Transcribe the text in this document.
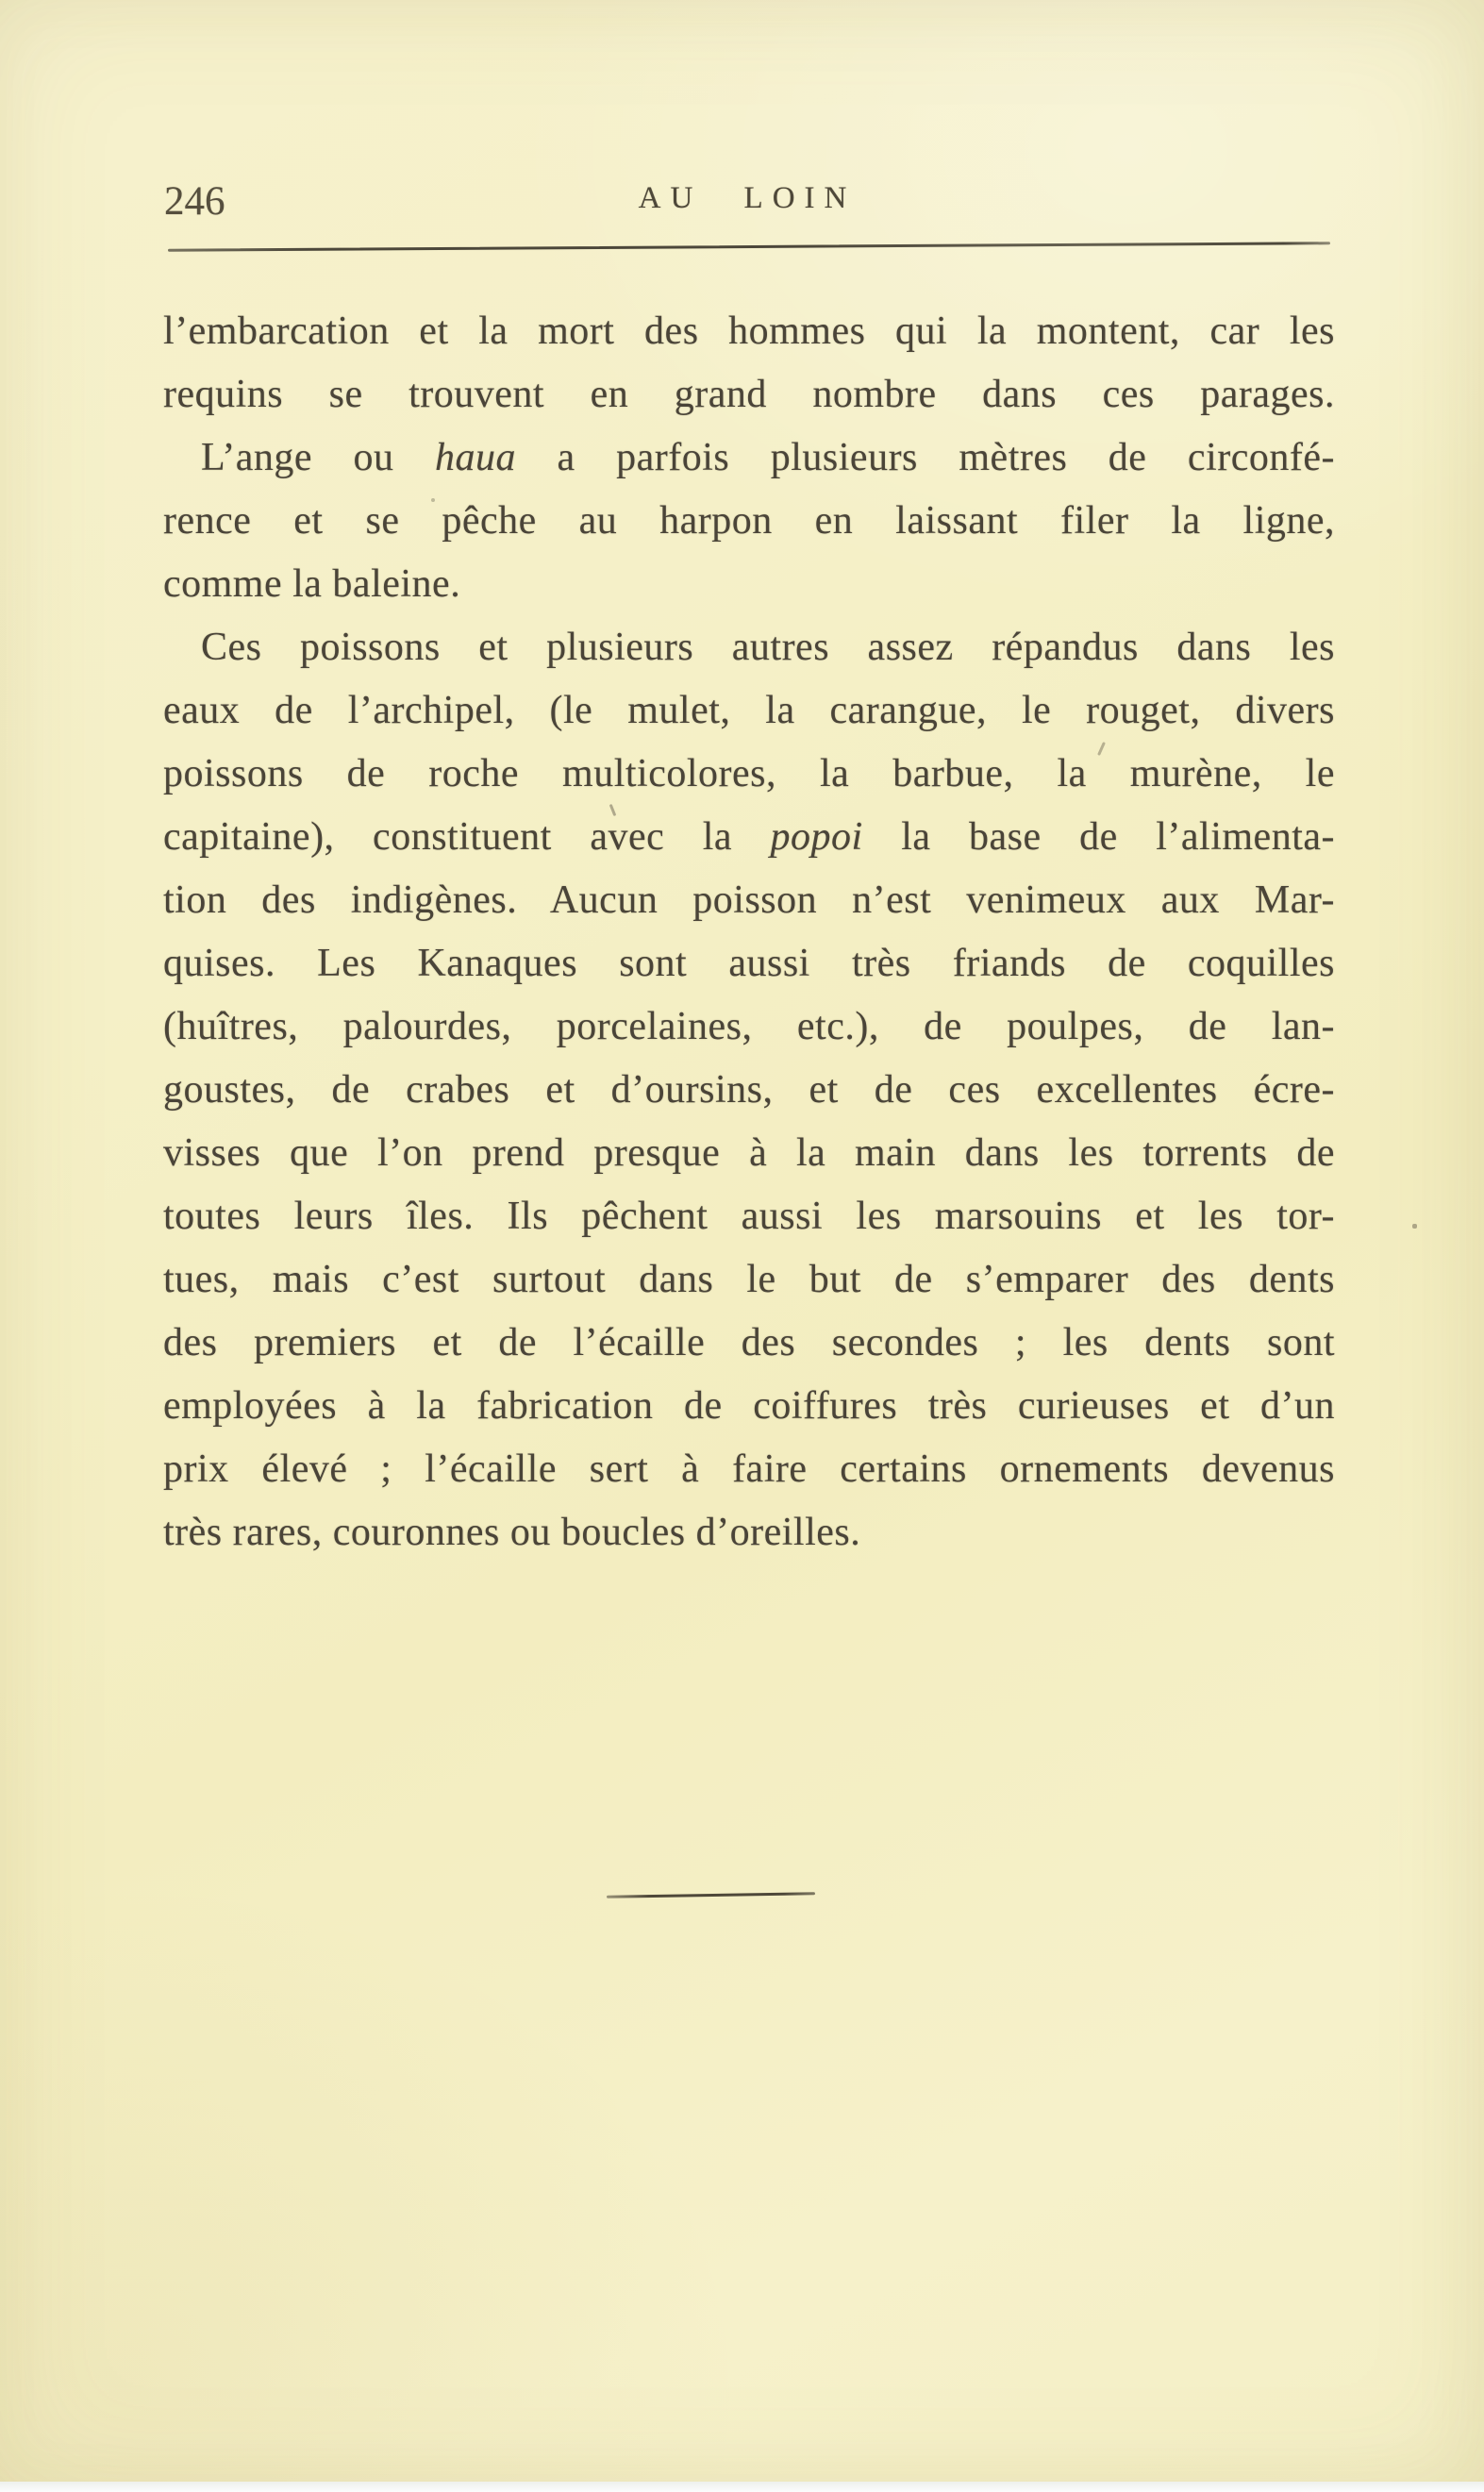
246	AU LOIN
l’embarcation et la mort des hommes qui la montent, car les
requins se trouvent en grand nombre dans ces parages.
L’ange ou haua a parfois plusieurs mètres de circonfé-
rence et se pêche au harpon en laissant filer la ligne,
comme la baleine.
Ces poissons et plusieurs autres assez répandus dans les
eaux de l’archipel, (le mulet, la carangue, le rouget, divers
poissons de roche multicolores, la barbue, la murène, le
capitaine), constituent avec la popoi la base de l’alimenta-
tion des indigènes. Aucun poisson n’est venimeux aux Mar-
quises. Les Kanaques sont aussi très friands de coquilles
(huîtres, palourdes, porcelaines, etc.), de poulpes, de lan-
goustes, de crabes et d’oursins, et de ces excellentes écre-
visses que l’on prend presque à la main dans les torrents de
toutes leurs îles. Ils pêchent aussi les marsouins et les tor-
tues, mais c’est surtout dans le but de s’emparer des dents
des premiers et de l’écaille des secondes ; les dents sont
employées à la fabrication de coiffures très curieuses et d’un
prix élevé ; l’écaille sert à faire certains ornements devenus
très rares, couronnes ou boucles d’oreilles.
